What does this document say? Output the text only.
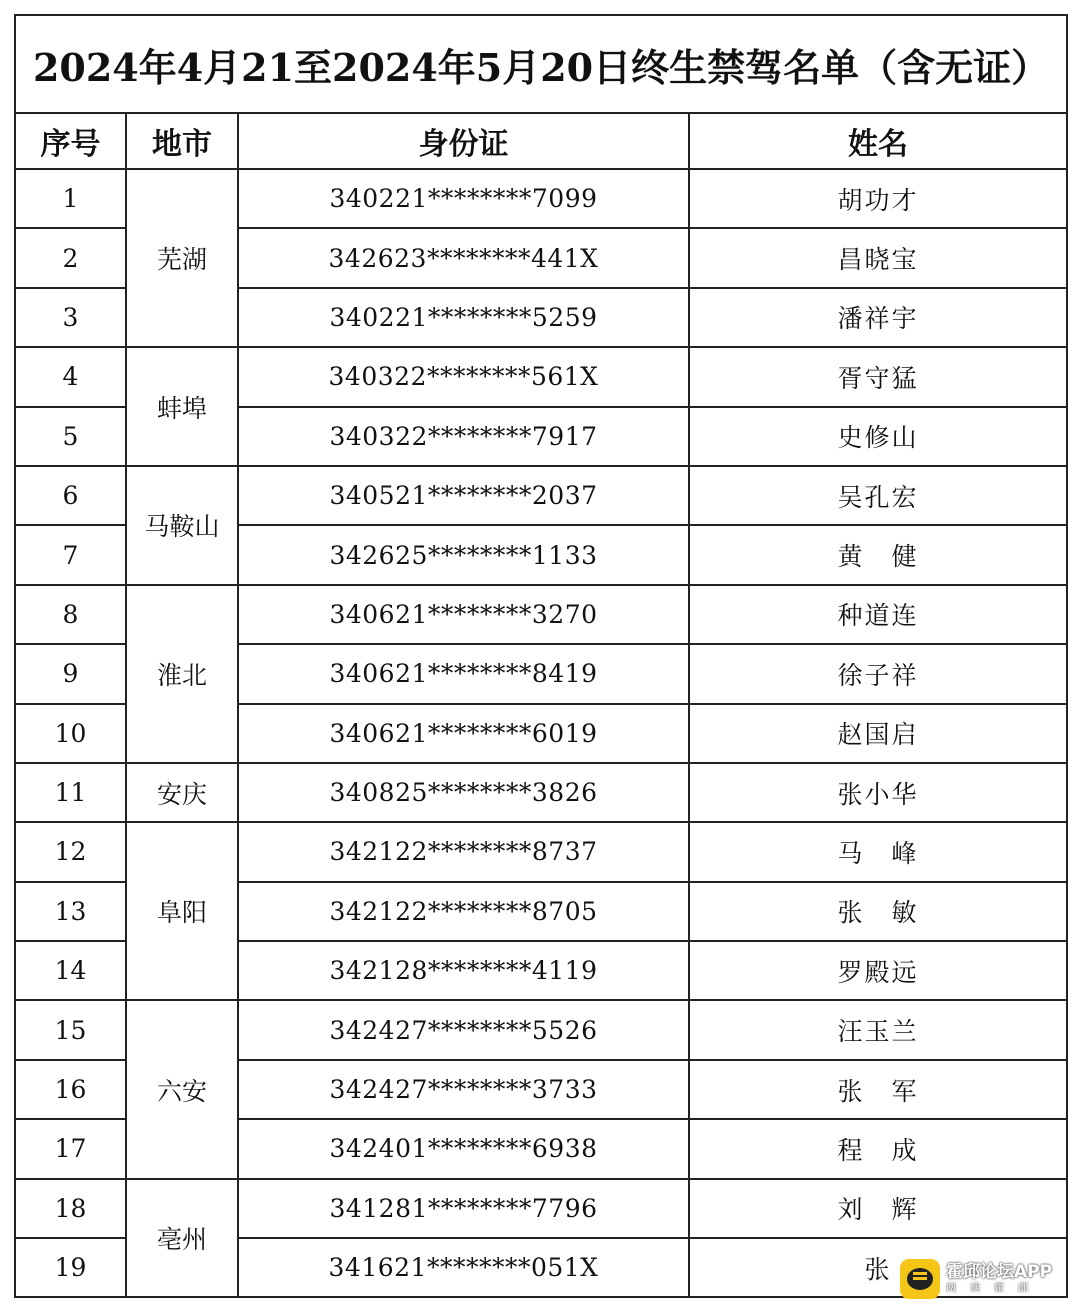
2024年4月21至2024年5月20日终生禁驾名单（含无证）			
序号	地市	身份证	姓名
1	芜湖	340221********7099	胡功才
2		342623********441X	昌晓宝
3		340221********5259	潘祥宇
4	蚌埠	340322********561X	胥守猛
5		340322********7917	史修山
6	马鞍山	340521********2037	吴孔宏
7		342625********1133	黄　健
8	淮北	340621********3270	种道连
9		340621********8419	徐子祥
10		340621********6019	赵国启
11	安庆	340825********3826	张小华
12	阜阳	342122********8737	马　峰
13		342122********8705	张　敏
14		342128********4119	罗殿远
15	六安	342427********5526	汪玉兰
16		342427********3733	张　军
17		342401********6938	程　成
18	亳州	341281********7796	刘　辉
19		341621********051X	张	霍邱论坛APP
阅读霍邱
